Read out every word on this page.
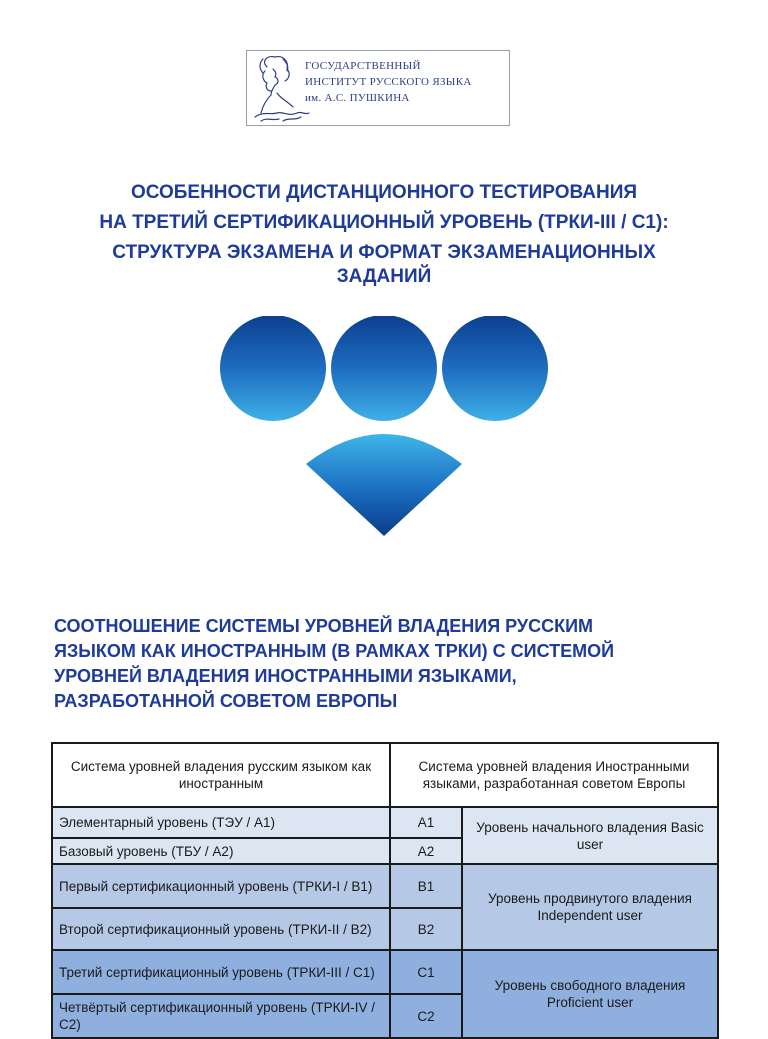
ГОСУДАРСТВЕННЫЙ
ИНСТИТУТ РУССКОГО ЯЗЫКА
им. А.С. ПУШКИНА
ОСОБЕННОСТИ ДИСТАНЦИОННОГО ТЕСТИРОВАНИЯ
НА ТРЕТИЙ СЕРТИФИКАЦИОННЫЙ УРОВЕНЬ (ТРКИ-III / С1):
СТРУКТУРА ЭКЗАМЕНА И ФОРМАТ ЭКЗАМЕНАЦИОННЫХ
ЗАДАНИЙ
СООТНОШЕНИЕ СИСТЕМЫ УРОВНЕЙ ВЛАДЕНИЯ РУССКИМ
ЯЗЫКОМ КАК ИНОСТРАННЫМ (В РАМКАХ ТРКИ) С СИСТЕМОЙ
УРОВНЕЙ ВЛАДЕНИЯ ИНОСТРАННЫМИ ЯЗЫКАМИ,
РАЗРАБОТАННОЙ СОВЕТОМ ЕВРОПЫ
Система уровней владения русским языком как иностранным	Система уровней владения Иностранными языками, разработанная советом Европы	
Элементарный уровень (ТЭУ / А1)	A1	Уровень начального владения Basic user
Базовый уровень (ТБУ / А2)	A2	
Первый сертификационный уровень (ТРКИ-I / В1)	B1	Уровень продвинутого владения Independent user
Второй сертификационный уровень (ТРКИ-II / В2)	B2	
Третий сертификационный уровень (ТРКИ-III / С1)	C1	Уровень свободного владения Proficient user
Четвёртый сертификационный уровень (ТРКИ-IV / С2)	C2	
